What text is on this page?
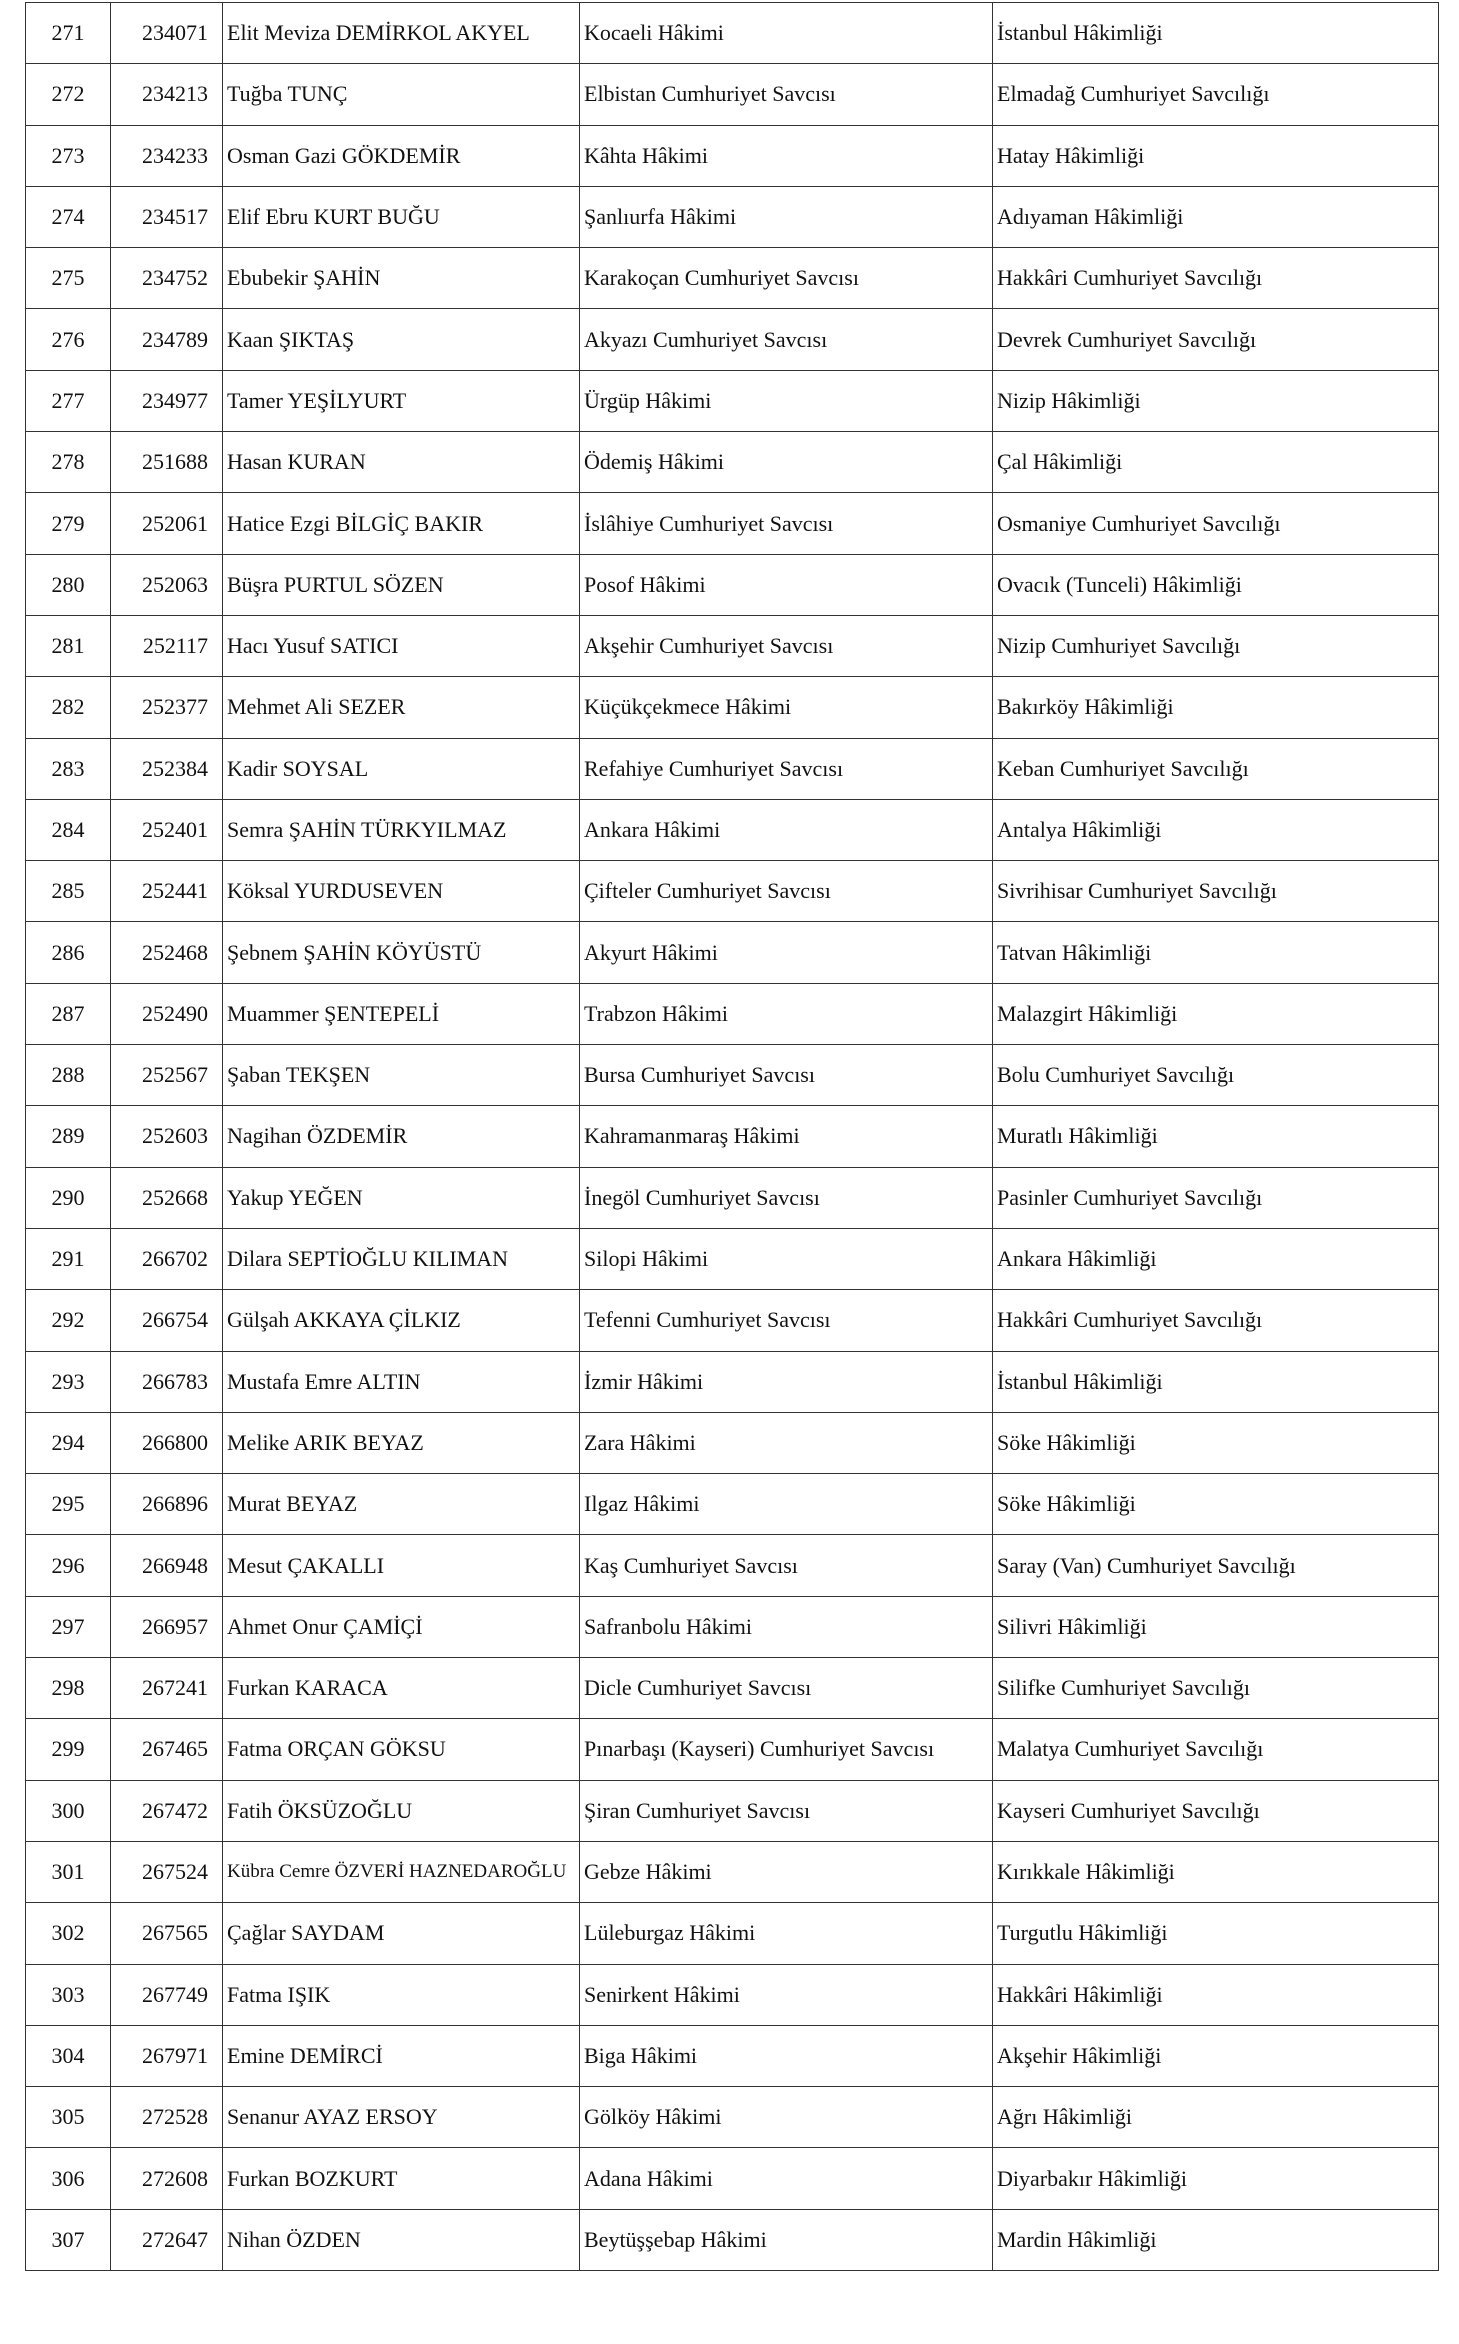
271	234071	Elit Meviza DEMİRKOL AKYEL	Kocaeli Hâkimi	İstanbul Hâkimliği
272	234213	Tuğba TUNÇ	Elbistan Cumhuriyet Savcısı	Elmadağ Cumhuriyet Savcılığı
273	234233	Osman Gazi GÖKDEMİR	Kâhta Hâkimi	Hatay Hâkimliği
274	234517	Elif Ebru KURT BUĞU	Şanlıurfa Hâkimi	Adıyaman Hâkimliği
275	234752	Ebubekir ŞAHİN	Karakoçan Cumhuriyet Savcısı	Hakkâri Cumhuriyet Savcılığı
276	234789	Kaan ŞIKTAŞ	Akyazı Cumhuriyet Savcısı	Devrek Cumhuriyet Savcılığı
277	234977	Tamer YEŞİLYURT	Ürgüp Hâkimi	Nizip Hâkimliği
278	251688	Hasan KURAN	Ödemiş Hâkimi	Çal Hâkimliği
279	252061	Hatice Ezgi BİLGİÇ BAKIR	İslâhiye Cumhuriyet Savcısı	Osmaniye Cumhuriyet Savcılığı
280	252063	Büşra PURTUL SÖZEN	Posof Hâkimi	Ovacık (Tunceli) Hâkimliği
281	252117	Hacı Yusuf SATICI	Akşehir Cumhuriyet Savcısı	Nizip Cumhuriyet Savcılığı
282	252377	Mehmet Ali SEZER	Küçükçekmece Hâkimi	Bakırköy Hâkimliği
283	252384	Kadir SOYSAL	Refahiye Cumhuriyet Savcısı	Keban Cumhuriyet Savcılığı
284	252401	Semra ŞAHİN TÜRKYILMAZ	Ankara Hâkimi	Antalya Hâkimliği
285	252441	Köksal YURDUSEVEN	Çifteler Cumhuriyet Savcısı	Sivrihisar Cumhuriyet Savcılığı
286	252468	Şebnem ŞAHİN KÖYÜSTÜ	Akyurt Hâkimi	Tatvan Hâkimliği
287	252490	Muammer ŞENTEPELİ	Trabzon Hâkimi	Malazgirt Hâkimliği
288	252567	Şaban TEKŞEN	Bursa Cumhuriyet Savcısı	Bolu Cumhuriyet Savcılığı
289	252603	Nagihan ÖZDEMİR	Kahramanmaraş Hâkimi	Muratlı Hâkimliği
290	252668	Yakup YEĞEN	İnegöl Cumhuriyet Savcısı	Pasinler Cumhuriyet Savcılığı
291	266702	Dilara SEPTİOĞLU KILIMAN	Silopi Hâkimi	Ankara Hâkimliği
292	266754	Gülşah AKKAYA ÇİLKIZ	Tefenni Cumhuriyet Savcısı	Hakkâri Cumhuriyet Savcılığı
293	266783	Mustafa Emre ALTIN	İzmir Hâkimi	İstanbul Hâkimliği
294	266800	Melike ARIK BEYAZ	Zara Hâkimi	Söke Hâkimliği
295	266896	Murat BEYAZ	Ilgaz Hâkimi	Söke Hâkimliği
296	266948	Mesut ÇAKALLI	Kaş Cumhuriyet Savcısı	Saray (Van) Cumhuriyet Savcılığı
297	266957	Ahmet Onur ÇAMİÇİ	Safranbolu Hâkimi	Silivri Hâkimliği
298	267241	Furkan KARACA	Dicle Cumhuriyet Savcısı	Silifke Cumhuriyet Savcılığı
299	267465	Fatma ORÇAN GÖKSU	Pınarbaşı (Kayseri) Cumhuriyet Savcısı	Malatya Cumhuriyet Savcılığı
300	267472	Fatih ÖKSÜZOĞLU	Şiran Cumhuriyet Savcısı	Kayseri Cumhuriyet Savcılığı
301	267524	Kübra Cemre ÖZVERİ HAZNEDAROĞLU	Gebze Hâkimi	Kırıkkale Hâkimliği
302	267565	Çağlar SAYDAM	Lüleburgaz Hâkimi	Turgutlu Hâkimliği
303	267749	Fatma IŞIK	Senirkent Hâkimi	Hakkâri Hâkimliği
304	267971	Emine DEMİRCİ	Biga Hâkimi	Akşehir Hâkimliği
305	272528	Senanur AYAZ ERSOY	Gölköy Hâkimi	Ağrı Hâkimliği
306	272608	Furkan BOZKURT	Adana Hâkimi	Diyarbakır Hâkimliği
307	272647	Nihan ÖZDEN	Beytüşşebap Hâkimi	Mardin Hâkimliği
